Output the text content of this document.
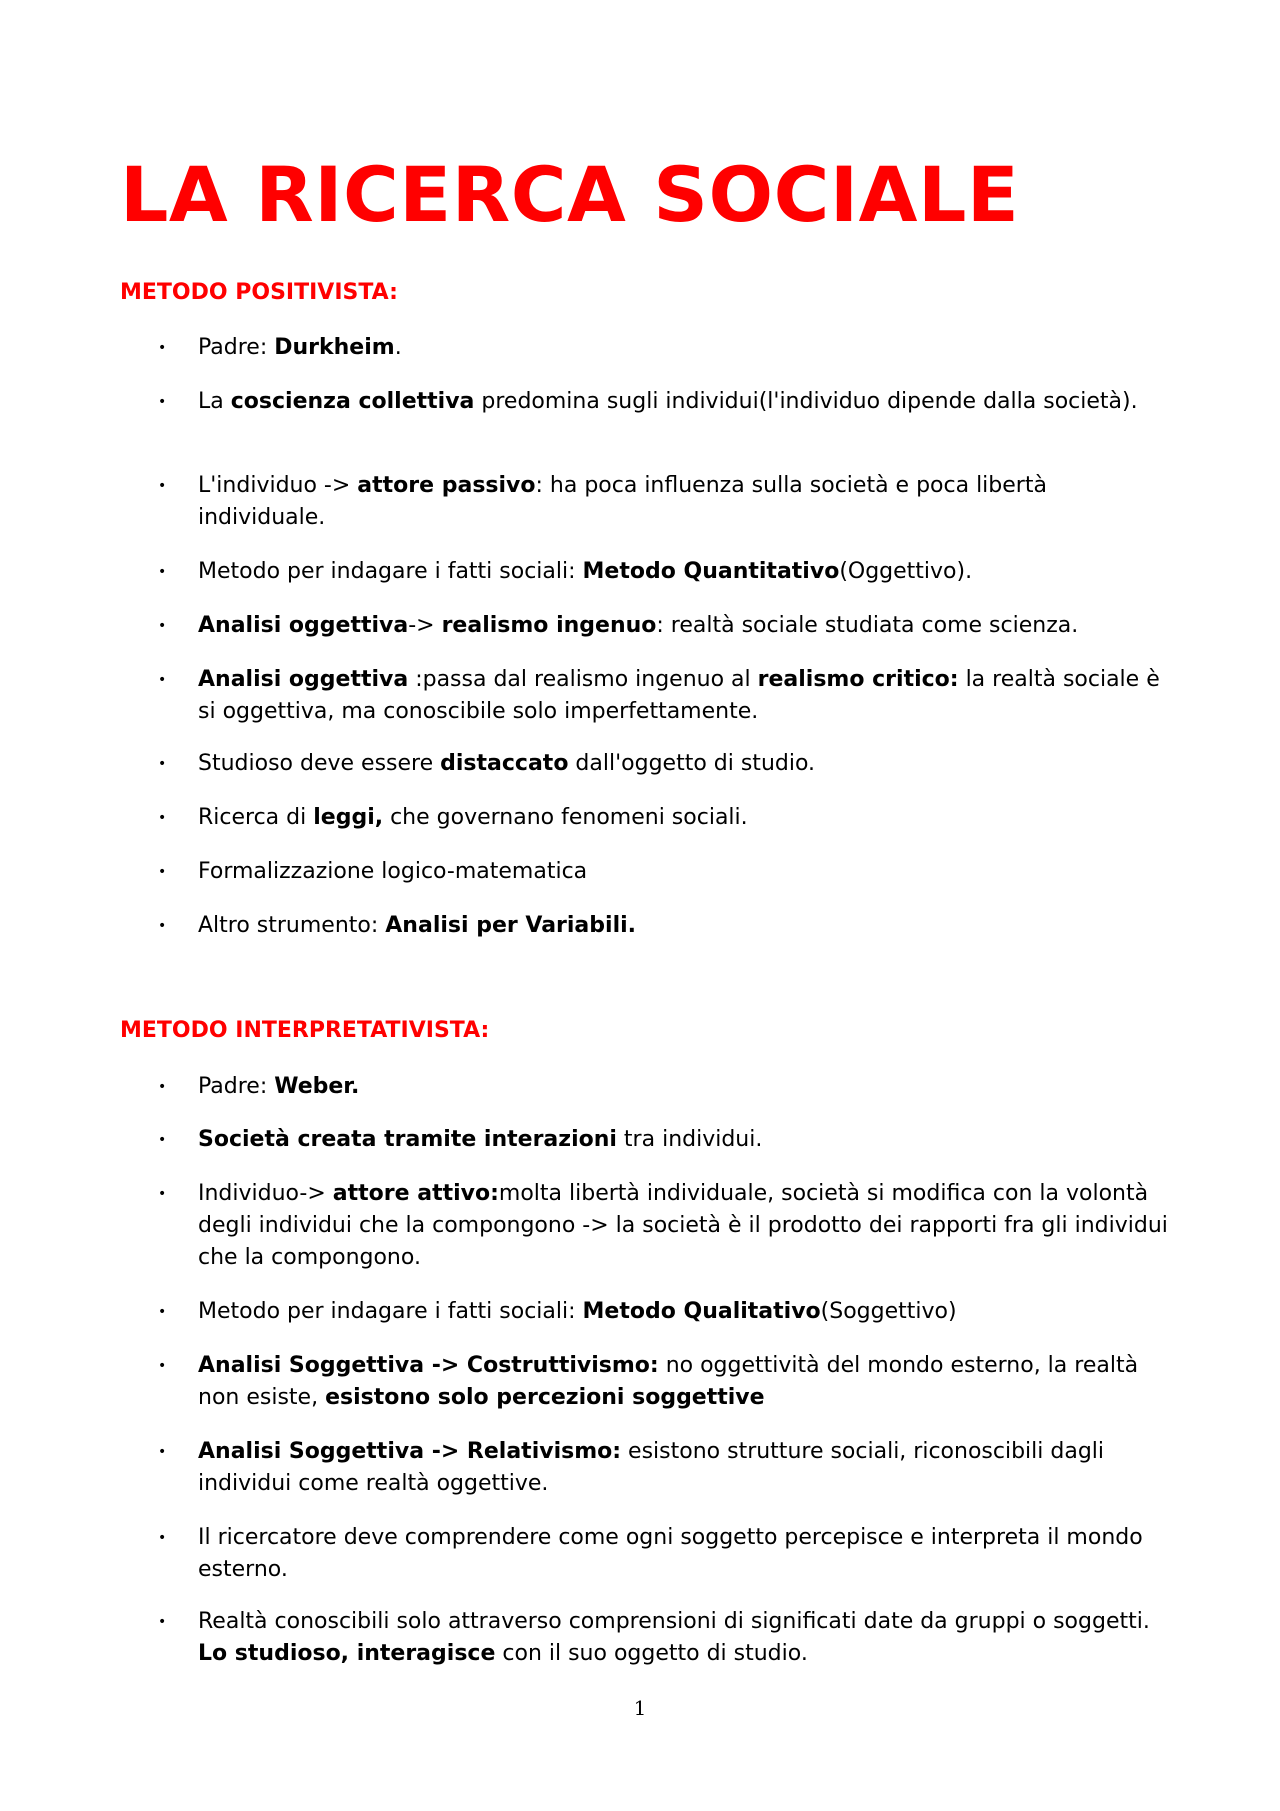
LA RICERCA SOCIALE
METODO POSITIVISTA:
• Padre: Durkheim.
• La coscienza collettiva predomina sugli individui(l'individuo dipende dalla società).
• L'individuo -> attore passivo: ha poca influenza sulla società e poca libertà individuale.
• Metodo per indagare i fatti sociali: Metodo Quantitativo(Oggettivo).
• Analisi oggettiva-> realismo ingenuo: realtà sociale studiata come scienza.
• Analisi oggettiva :passa dal realismo ingenuo al realismo critico: la realtà sociale è si oggettiva, ma conoscibile solo imperfettamente.
• Studioso deve essere distaccato dall'oggetto di studio.
• Ricerca di leggi, che governano fenomeni sociali.
• Formalizzazione logico-matematica
• Altro strumento: Analisi per Variabili.
METODO INTERPRETATIVISTA:
• Padre: Weber.
• Società creata tramite interazioni tra individui.
• Individuo-> attore attivo:molta libertà individuale, società si modifica con la volontà degli individui che la compongono -> la società è il prodotto dei rapporti fra gli individui che la compongono.
• Metodo per indagare i fatti sociali: Metodo Qualitativo(Soggettivo)
• Analisi Soggettiva -> Costruttivismo: no oggettività del mondo esterno, la realtà non esiste, esistono solo percezioni soggettive
• Analisi Soggettiva -> Relativismo: esistono strutture sociali, riconoscibili dagli individui come realtà oggettive.
• Il ricercatore deve comprendere come ogni soggetto percepisce e interpreta il mondo esterno.
• Realtà conoscibili solo attraverso comprensioni di significati date da gruppi o soggetti. Lo studioso, interagisce con il suo oggetto di studio.
1
